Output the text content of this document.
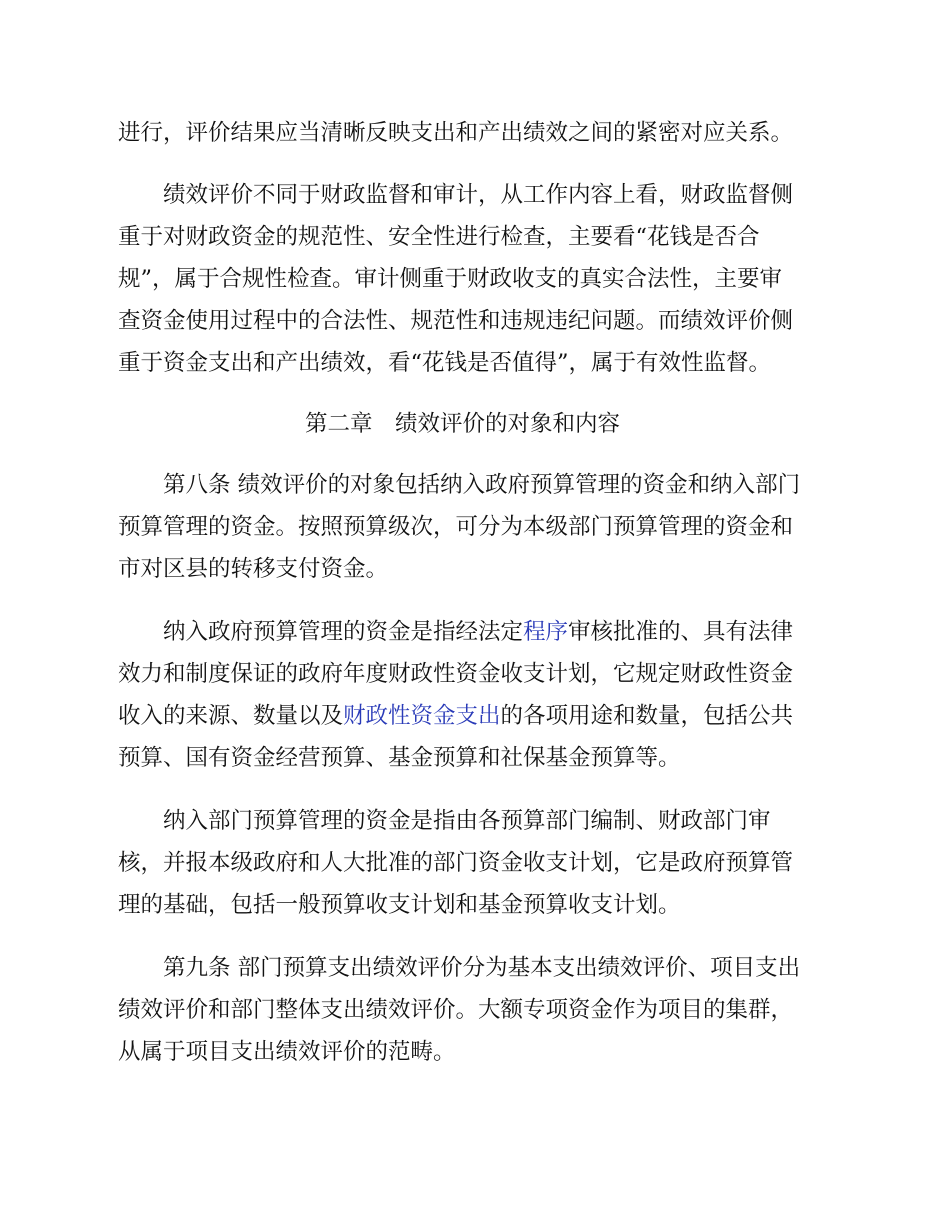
进行，评价结果应当清晰反映支出和产出绩效之间的紧密对应关系。
绩效评价不同于财政监督和审计，从工作内容上看，财政监督侧
重于对财政资金的规范性、安全性进行检查，主要看“花钱是否合
规”，属于合规性检查。审计侧重于财政收支的真实合法性，主要审
查资金使用过程中的合法性、规范性和违规违纪问题。而绩效评价侧
重于资金支出和产出绩效，看“花钱是否值得”，属于有效性监督。
第二章　绩效评价的对象和内容
第八条 绩效评价的对象包括纳入政府预算管理的资金和纳入部门
预算管理的资金。按照预算级次，可分为本级部门预算管理的资金和
市对区县的转移支付资金。
纳入政府预算管理的资金是指经法定程序审核批准的、具有法律
效力和制度保证的政府年度财政性资金收支计划，它规定财政性资金
收入的来源、数量以及财政性资金支出的各项用途和数量，包括公共
预算、国有资金经营预算、基金预算和社保基金预算等。
纳入部门预算管理的资金是指由各预算部门编制、财政部门审
核，并报本级政府和人大批准的部门资金收支计划，它是政府预算管
理的基础，包括一般预算收支计划和基金预算收支计划。
第九条 部门预算支出绩效评价分为基本支出绩效评价、项目支出
绩效评价和部门整体支出绩效评价。大额专项资金作为项目的集群，
从属于项目支出绩效评价的范畴。
